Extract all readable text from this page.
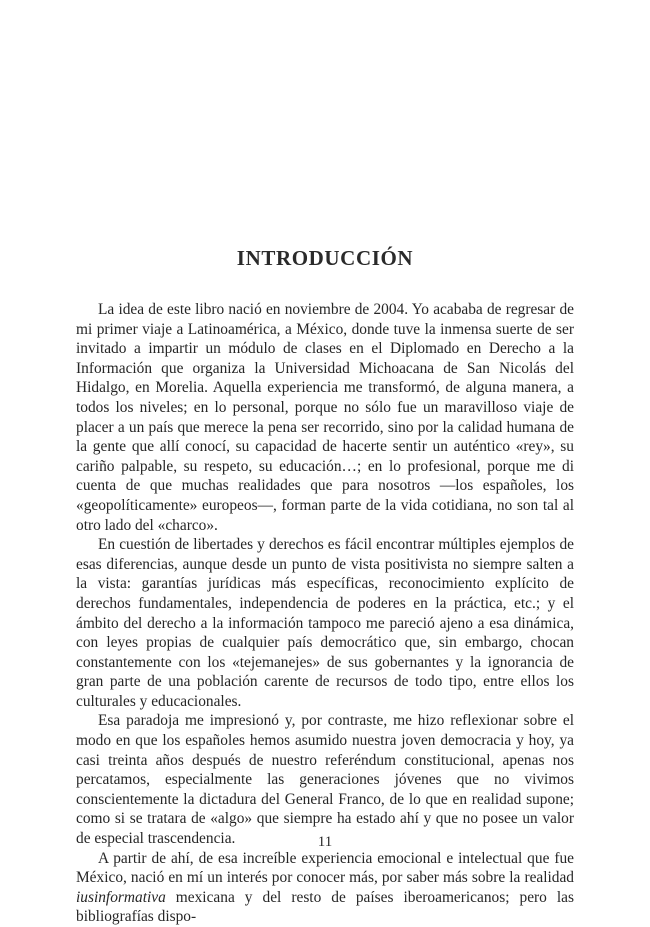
INTRODUCCIÓN

La idea de este libro nació en noviembre de 2004. Yo acababa de regresar de mi primer viaje a Latinoamérica, a México, donde tuve la inmensa suerte de ser invitado a impartir un módulo de clases en el Diplomado en Derecho a la Información que organiza la Universidad Michoacana de San Nicolás del Hidalgo, en Morelia. Aquella experiencia me transformó, de alguna manera, a todos los niveles; en lo personal, porque no sólo fue un maravilloso viaje de placer a un país que merece la pena ser recorrido, sino por la calidad humana de la gente que allí conocí, su capacidad de hacerte sentir un auténtico «rey», su cariño palpable, su respeto, su educación…; en lo profesional, porque me di cuenta de que muchas realidades que para nosotros —los españoles, los «geopolíticamente» europeos—, forman parte de la vida cotidiana, no son tal al otro lado del «charco».

En cuestión de libertades y derechos es fácil encontrar múltiples ejemplos de esas diferencias, aunque desde un punto de vista positivista no siempre salten a la vista: garantías jurídicas más específicas, reconocimiento explícito de derechos fundamentales, independencia de poderes en la práctica, etc.; y el ámbito del derecho a la información tampoco me pareció ajeno a esa dinámica, con leyes propias de cualquier país democrático que, sin embargo, chocan constantemente con los «tejemanejes» de sus gobernantes y la ignorancia de gran parte de una población carente de recursos de todo tipo, entre ellos los culturales y educacionales.

Esa paradoja me impresionó y, por contraste, me hizo reflexionar sobre el modo en que los españoles hemos asumido nuestra joven democracia y hoy, ya casi treinta años después de nuestro referéndum constitucional, apenas nos percatamos, especialmente las generaciones jóvenes que no vivimos conscientemente la dictadura del General Franco, de lo que en realidad supone; como si se tratara de «algo» que siempre ha estado ahí y que no posee un valor de especial trascendencia.

A partir de ahí, de esa increíble experiencia emocional e intelectual que fue México, nació en mí un interés por conocer más, por saber más sobre la realidad iusinformativa mexicana y del resto de países iberoamericanos; pero las bibliografías dispo-

11
